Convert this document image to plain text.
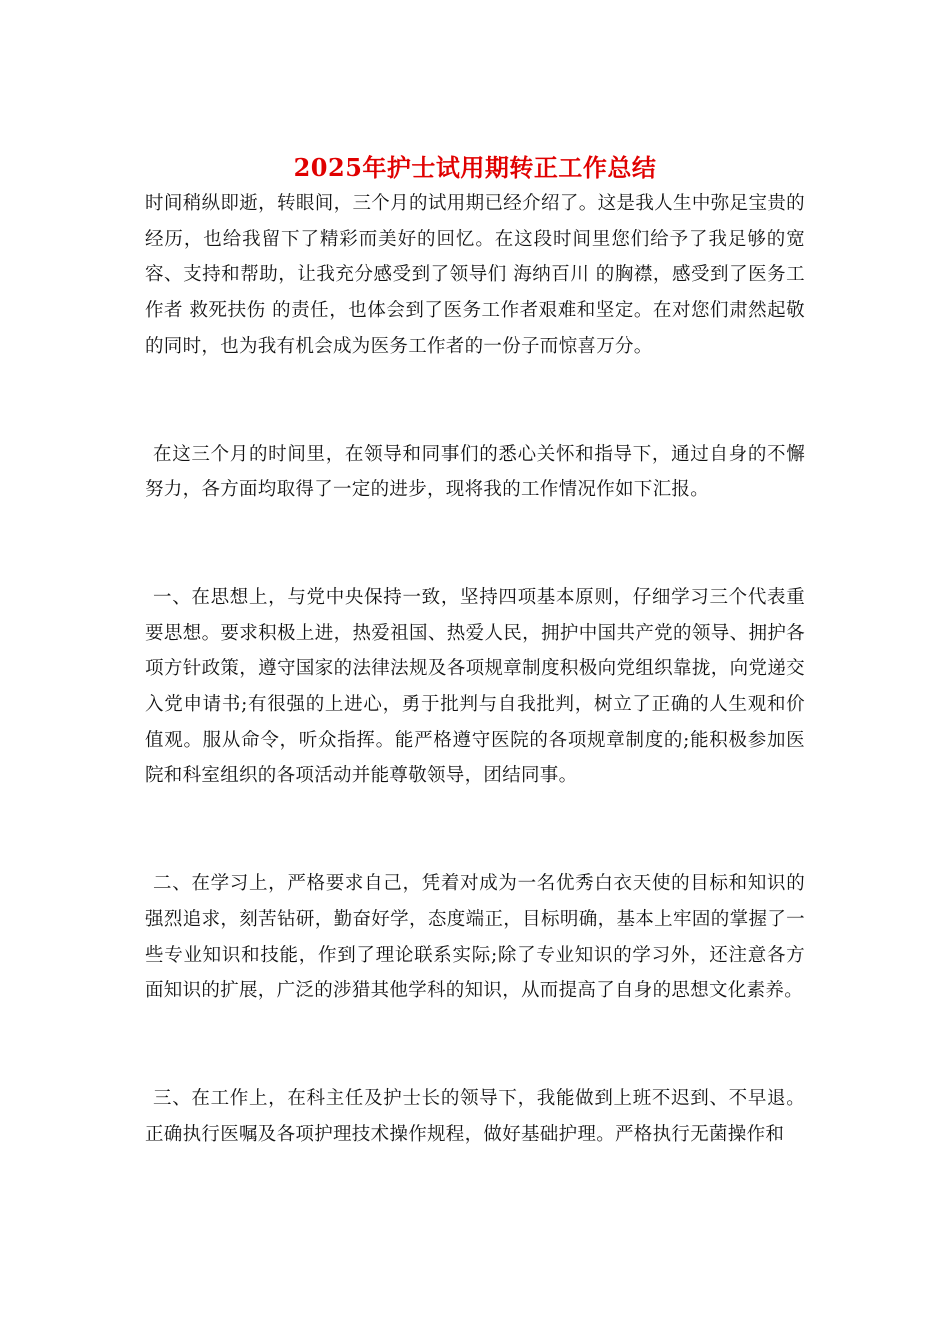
2025年护士试用期转正工作总结

时间稍纵即逝，转眼间，三个月的试用期已经介绍了。这是我人生中弥足宝贵的经历，也给我留下了精彩而美好的回忆。在这段时间里您们给予了我足够的宽容、支持和帮助，让我充分感受到了领导们 海纳百川 的胸襟，感受到了医务工作者 救死扶伤 的责任，也体会到了医务工作者艰难和坚定。在对您们肃然起敬的同时，也为我有机会成为医务工作者的一份子而惊喜万分。

在这三个月的时间里，在领导和同事们的悉心关怀和指导下，通过自身的不懈努力，各方面均取得了一定的进步，现将我的工作情况作如下汇报。

一、在思想上，与党中央保持一致，坚持四项基本原则，仔细学习三个代表重要思想。要求积极上进，热爱祖国、热爱人民，拥护中国共产党的领导、拥护各项方针政策，遵守国家的法律法规及各项规章制度积极向党组织靠拢，向党递交入党申请书;有很强的上进心，勇于批判与自我批判，树立了正确的人生观和价值观。服从命令，听众指挥。能严格遵守医院的各项规章制度的;能积极参加医院和科室组织的各项活动并能尊敬领导，团结同事。

二、在学习上，严格要求自己，凭着对成为一名优秀白衣天使的目标和知识的强烈追求，刻苦钻研，勤奋好学，态度端正，目标明确，基本上牢固的掌握了一些专业知识和技能，作到了理论联系实际;除了专业知识的学习外，还注意各方面知识的扩展，广泛的涉猎其他学科的知识，从而提高了自身的思想文化素养。

三、在工作上，在科主任及护士长的领导下，我能做到上班不迟到、不早退。正确执行医嘱及各项护理技术操作规程，做好基础护理。严格执行无菌操作和
